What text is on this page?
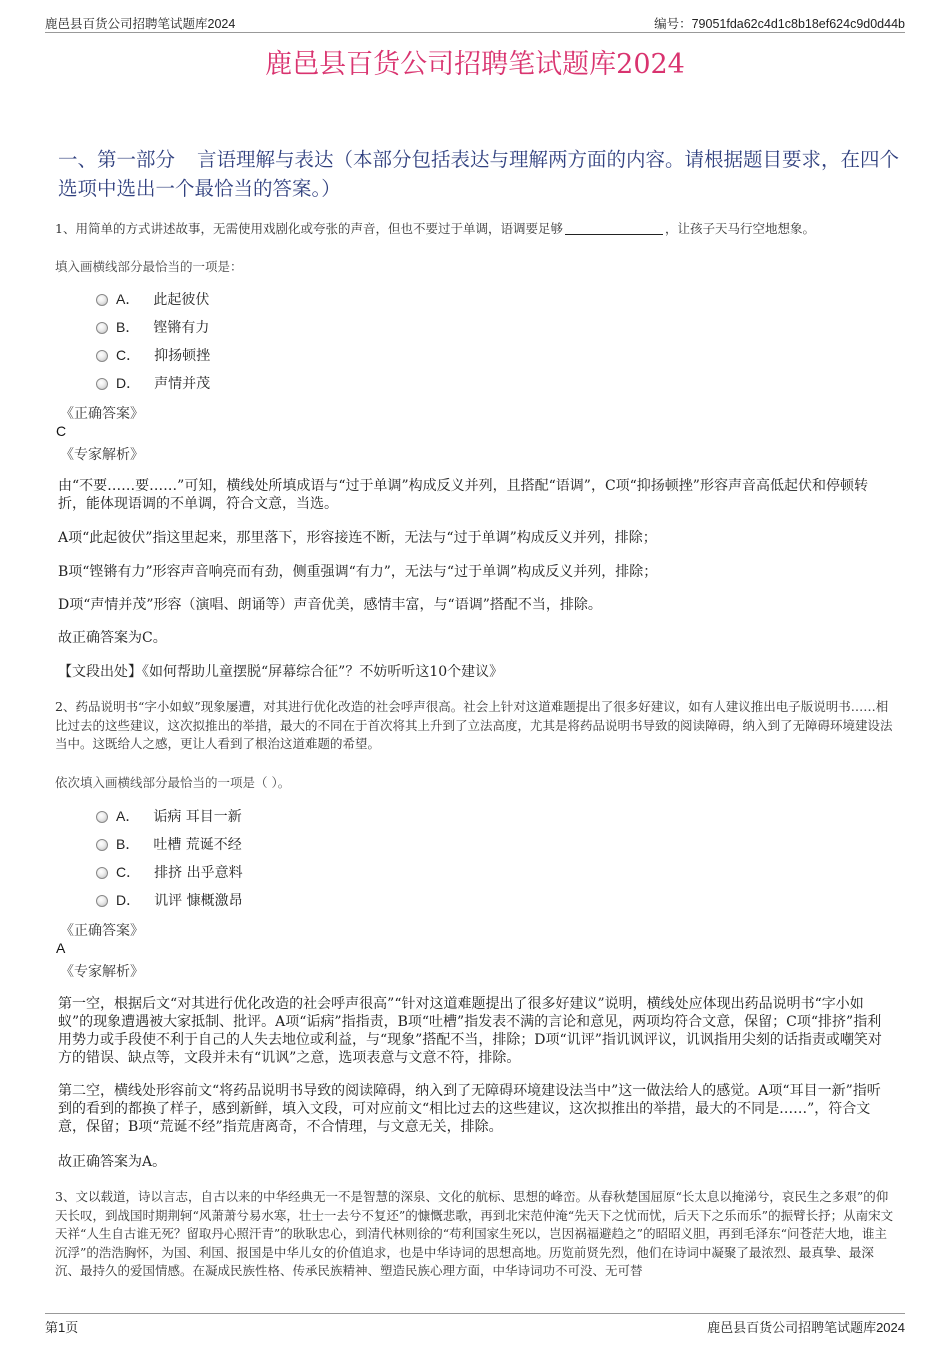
鹿邑县百货公司招聘笔试题库2024	编号：79051fda62c4d1c8b18ef624c9d0d44b
鹿邑县百货公司招聘笔试题库2024
一、第一部分 言语理解与表达（本部分包括表达与理解两方面的内容。请根据题目要求，在四个选项中选出一个最恰当的答案。）
1、用简单的方式讲述故事，无需使用戏剧化或夸张的声音，但也不要过于单调，语调要足够	，让孩子天马行空地想象。
填入画横线部分最恰当的一项是：
A． 此起彼伏
B． 铿锵有力
C． 抑扬顿挫
D． 声情并茂
《正确答案》
C
《专家解析》
由“不要……要……”可知，横线处所填成语与“过于单调”构成反义并列，且搭配“语调”，C项“抑扬顿挫”形容声音高低起伏和停顿转折，能体现语调的不单调，符合文意，当选。
A项“此起彼伏”指这里起来，那里落下，形容接连不断，无法与“过于单调”构成反义并列，排除；
B项“铿锵有力”形容声音响亮而有劲，侧重强调“有力”，无法与“过于单调”构成反义并列，排除；
D项“声情并茂”形容（演唱、朗诵等）声音优美，感情丰富，与“语调”搭配不当，排除。
故正确答案为C。
【文段出处】《如何帮助儿童摆脱“屏幕综合征”？不妨听听这10个建议》
2、药品说明书“字小如蚁”现象屡遭，对其进行优化改造的社会呼声很高。社会上针对这道难题提出了很多好建议，如有人建议推出电子版说明书……相比过去的这些建议，这次拟推出的举措，最大的不同在于首次将其上升到了立法高度，尤其是将药品说明书导致的阅读障碍，纳入到了无障碍环境建设法当中。这既给人之感，更让人看到了根治这道难题的希望。
依次填入画横线部分最恰当的一项是（ ）。
A． 诟病 耳目一新
B． 吐槽 荒诞不经
C． 排挤 出乎意料
D． 讥评 慷概激昂
《正确答案》
A
《专家解析》
第一空，根据后文“对其进行优化改造的社会呼声很高”“针对这道难题提出了很多好建议”说明，横线处应体现出药品说明书“字小如蚁”的现象遭遇被大家抵制、批评。A项“诟病”指指责，B项“吐槽”指发表不满的言论和意见，两项均符合文意，保留；C项“排挤”指利用势力或手段使不利于自己的人失去地位或利益，与“现象”搭配不当，排除；D项“讥评”指讥讽评议，讥讽指用尖刻的话指责或嘲笑对方的错误、缺点等，文段并未有“讥讽”之意，选项表意与文意不符，排除。
第二空，横线处形容前文“将药品说明书导致的阅读障碍，纳入到了无障碍环境建设法当中”这一做法给人的感觉。A项“耳目一新”指听到的看到的都换了样子，感到新鲜，填入文段，可对应前文“相比过去的这些建议，这次拟推出的举措，最大的不同是……”，符合文意，保留；B项“荒诞不经”指荒唐离奇，不合情理，与文意无关，排除。
故正确答案为A。
3、文以载道，诗以言志，自古以来的中华经典无一不是智慧的深泉、文化的航标、思想的峰峦。从春秋楚国屈原“长太息以掩涕兮，哀民生之多艰”的仰天长叹，到战国时期荆轲“风萧萧兮易水寒，壮士一去兮不复还”的慷慨悲歌，再到北宋范仲淹“先天下之忧而忧，后天下之乐而乐”的振臂长抒；从南宋文天祥“人生自古谁无死？留取丹心照汗青”的耿耿忠心，到清代林则徐的“苟利国家生死以，岂因祸福避趋之”的昭昭义胆，再到毛泽东“问苍茫大地，谁主沉浮”的浩浩胸怀，为国、利国、报国是中华儿女的价值追求，也是中华诗词的思想高地。历览前贤先烈，他们在诗词中凝聚了最浓烈、最真挚、最深沉、最持久的爱国情感。在凝成民族性格、传承民族精神、塑造民族心理方面，中华诗词功不可没、无可替
第1页	鹿邑县百货公司招聘笔试题库2024
